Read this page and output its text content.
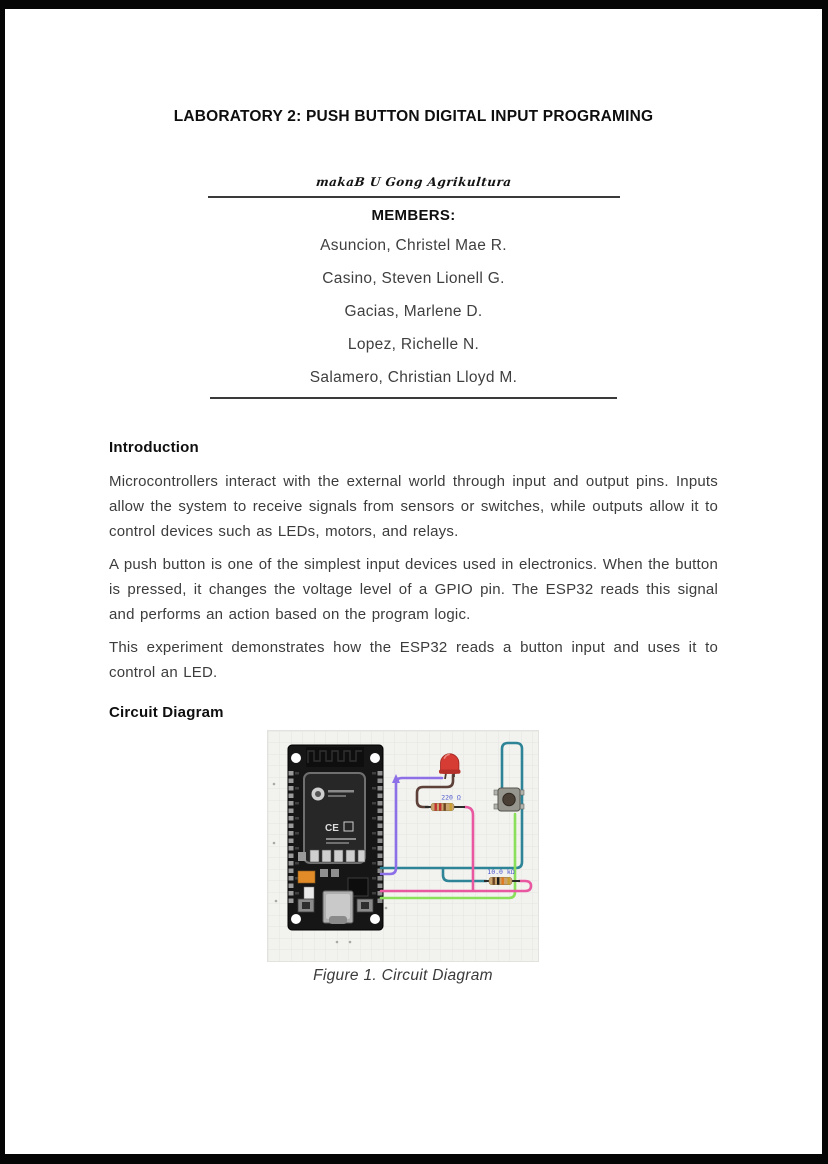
LABORATORY 2: PUSH BUTTON DIGITAL INPUT PROGRAMING
makaB U Gong Agrikultura
MEMBERS:

Asuncion, Christel Mae R.

Casino, Steven Lionell G.

Gacias, Marlene D.

Lopez, Richelle N.

Salamero, Christian Lloyd M.

Introduction

Microcontrollers interact with the external world through input and output pins. Inputs allow the system to receive signals from sensors or switches, while outputs allow it to control devices such as LEDs, motors, and relays.

A push button is one of the simplest input devices used in electronics. When the button is pressed, it changes the voltage level of a GPIO pin. The ESP32 reads this signal and performs an action based on the program logic.

This experiment demonstrates how the ESP32 reads a button input and uses it to control an LED.

Circuit Diagram
CE
220 Ω
10.0 kΩ
Figure 1. Circuit Diagram
